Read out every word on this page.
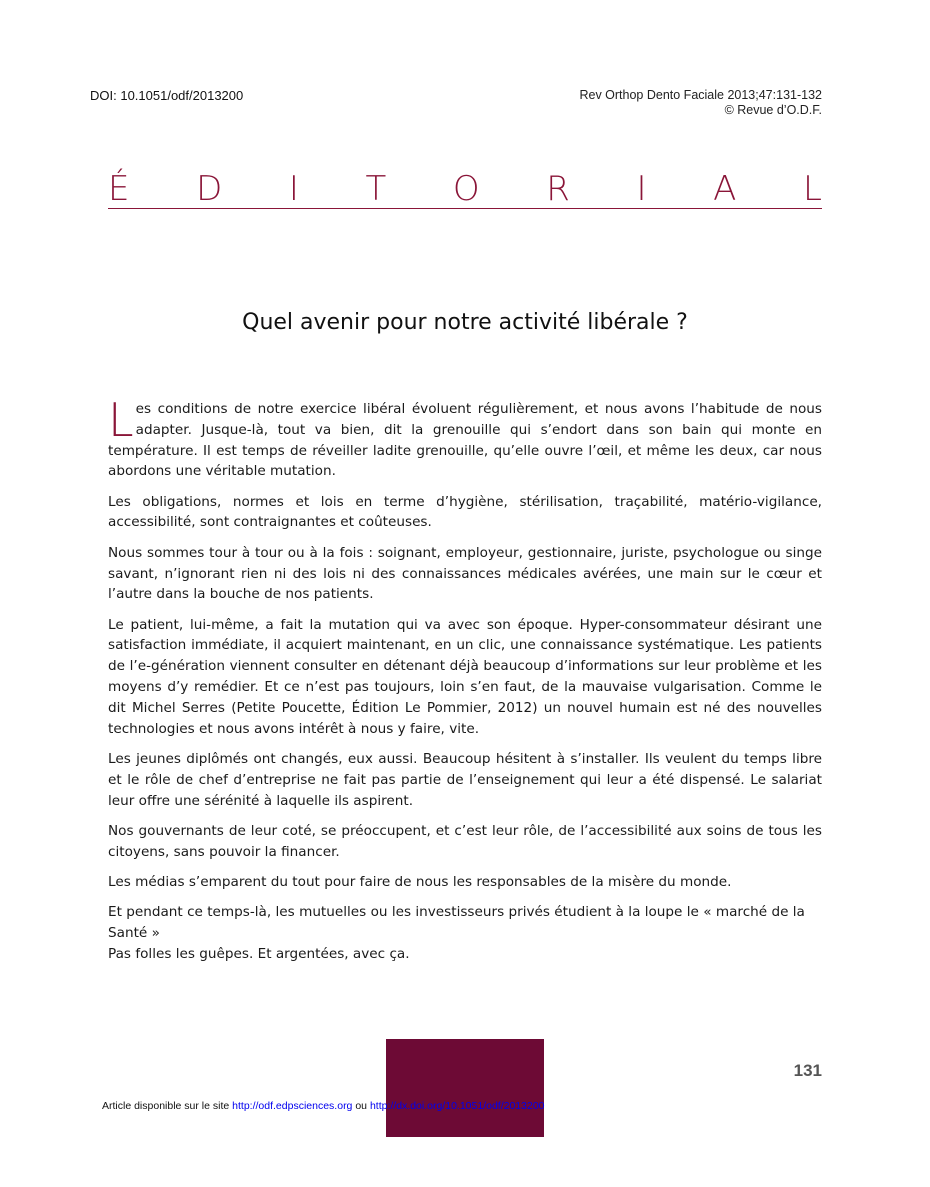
DOI: 10.1051/odf/2013200	Rev Orthop Dento Faciale 2013;47:131-132
© Revue d’O.D.F.
É D I T O R I A L
Quel avenir pour notre activité libérale ?

Les conditions de notre exercice libéral évoluent régulièrement, et nous avons l’habitude de nous adapter. Jusque-là, tout va bien, dit la grenouille qui s’endort dans son bain qui monte en température. Il est temps de réveiller ladite grenouille, qu’elle ouvre l’œil, et même les deux, car nous abordons une véritable mutation.

Les obligations, normes et lois en terme d’hygiène, stérilisation, traçabilité, matério-vigilance, accessibilité, sont contraignantes et coûteuses.

Nous sommes tour à tour ou à la fois : soignant, employeur, gestionnaire, juriste, psychologue ou singe savant, n’ignorant rien ni des lois ni des connaissances médicales avérées, une main sur le cœur et l’autre dans la bouche de nos patients.

Le patient, lui-même, a fait la mutation qui va avec son époque. Hyper-consommateur désirant une satisfaction immédiate, il acquiert maintenant, en un clic, une connaissance systématique. Les patients de l’e-génération viennent consulter en détenant déjà beaucoup d’informations sur leur problème et les moyens d’y remédier. Et ce n’est pas toujours, loin s’en faut, de la mauvaise vulgarisation. Comme le dit Michel Serres (Petite Poucette, Édition Le Pommier, 2012) un nouvel humain est né des nouvelles technologies et nous avons intérêt à nous y faire, vite.

Les jeunes diplômés ont changés, eux aussi. Beaucoup hésitent à s’installer. Ils veulent du temps libre et le rôle de chef d’entreprise ne fait pas partie de l’enseignement qui leur a été dispensé. Le salariat leur offre une sérénité à laquelle ils aspirent.

Nos gouvernants de leur coté, se préoccupent, et c’est leur rôle, de l’accessibilité aux soins de tous les citoyens, sans pouvoir la financer.

Les médias s’emparent du tout pour faire de nous les responsables de la misère du monde.

Et pendant ce temps-là, les mutuelles ou les investisseurs privés étudient à la loupe le « marché de la Santé »
Pas folles les guêpes. Et argentées, avec ça.

131
Article disponible sur le site http://odf.edpsciences.org ou http://dx.doi.org/10.1051/odf/2013200
